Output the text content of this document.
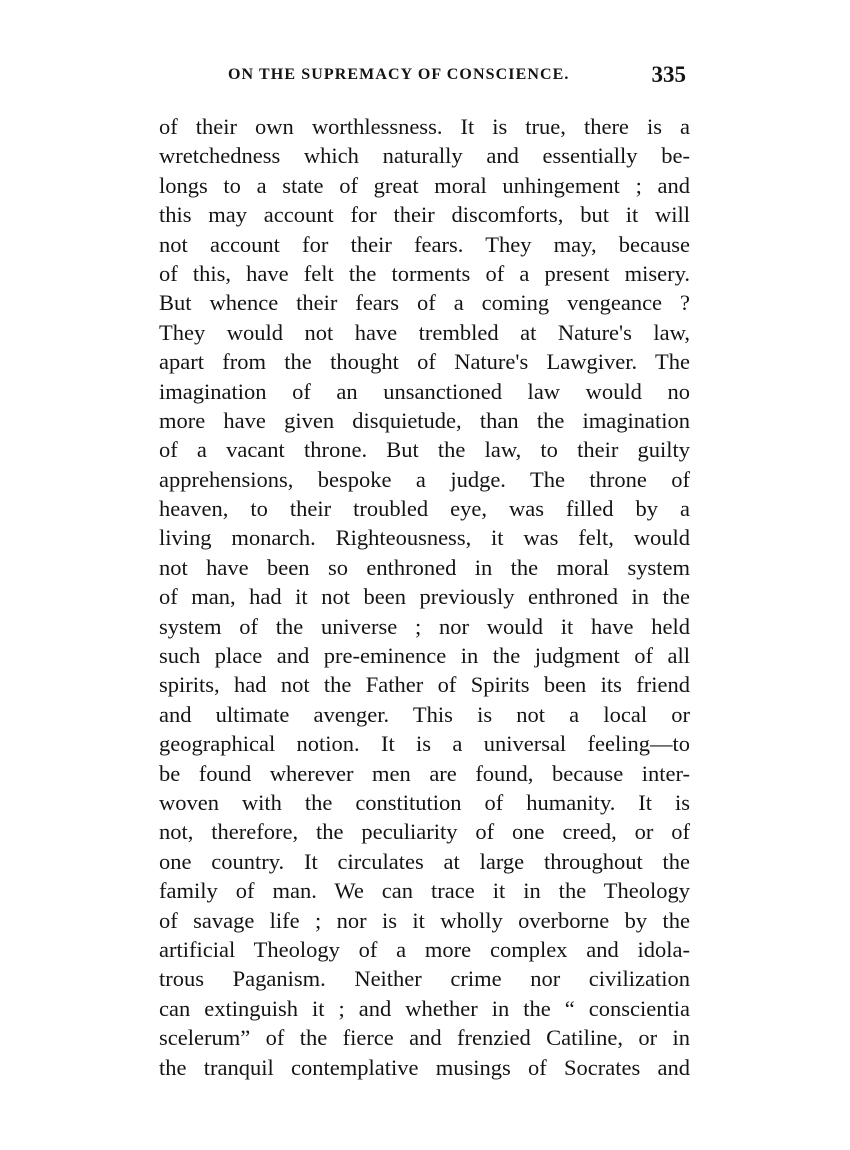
ON THE SUPREMACY OF CONSCIENCE.	335
of their own worthlessness. It is true, there is a
wretchedness which naturally and essentially be-
longs to a state of great moral unhingement ; and
this may account for their discomforts, but it will
not account for their fears. They may, because
of this, have felt the torments of a present misery.
But whence their fears of a coming vengeance ?
They would not have trembled at Nature's law,
apart from the thought of Nature's Lawgiver. The
imagination of an unsanctioned law would no
more have given disquietude, than the imagination
of a vacant throne. But the law, to their guilty
apprehensions, bespoke a judge. The throne of
heaven, to their troubled eye, was filled by a
living monarch. Righteousness, it was felt, would
not have been so enthroned in the moral system
of man, had it not been previously enthroned in the
system of the universe ; nor would it have held
such place and pre-eminence in the judgment of all
spirits, had not the Father of Spirits been its friend
and ultimate avenger. This is not a local or
geographical notion. It is a universal feeling—to
be found wherever men are found, because inter-
woven with the constitution of humanity. It is
not, therefore, the peculiarity of one creed, or of
one country. It circulates at large throughout the
family of man. We can trace it in the Theology
of savage life ; nor is it wholly overborne by the
artificial Theology of a more complex and idola-
trous Paganism. Neither crime nor civilization
can extinguish it ; and whether in the “ conscientia
scelerum” of the fierce and frenzied Catiline, or in
the tranquil contemplative musings of Socrates and
